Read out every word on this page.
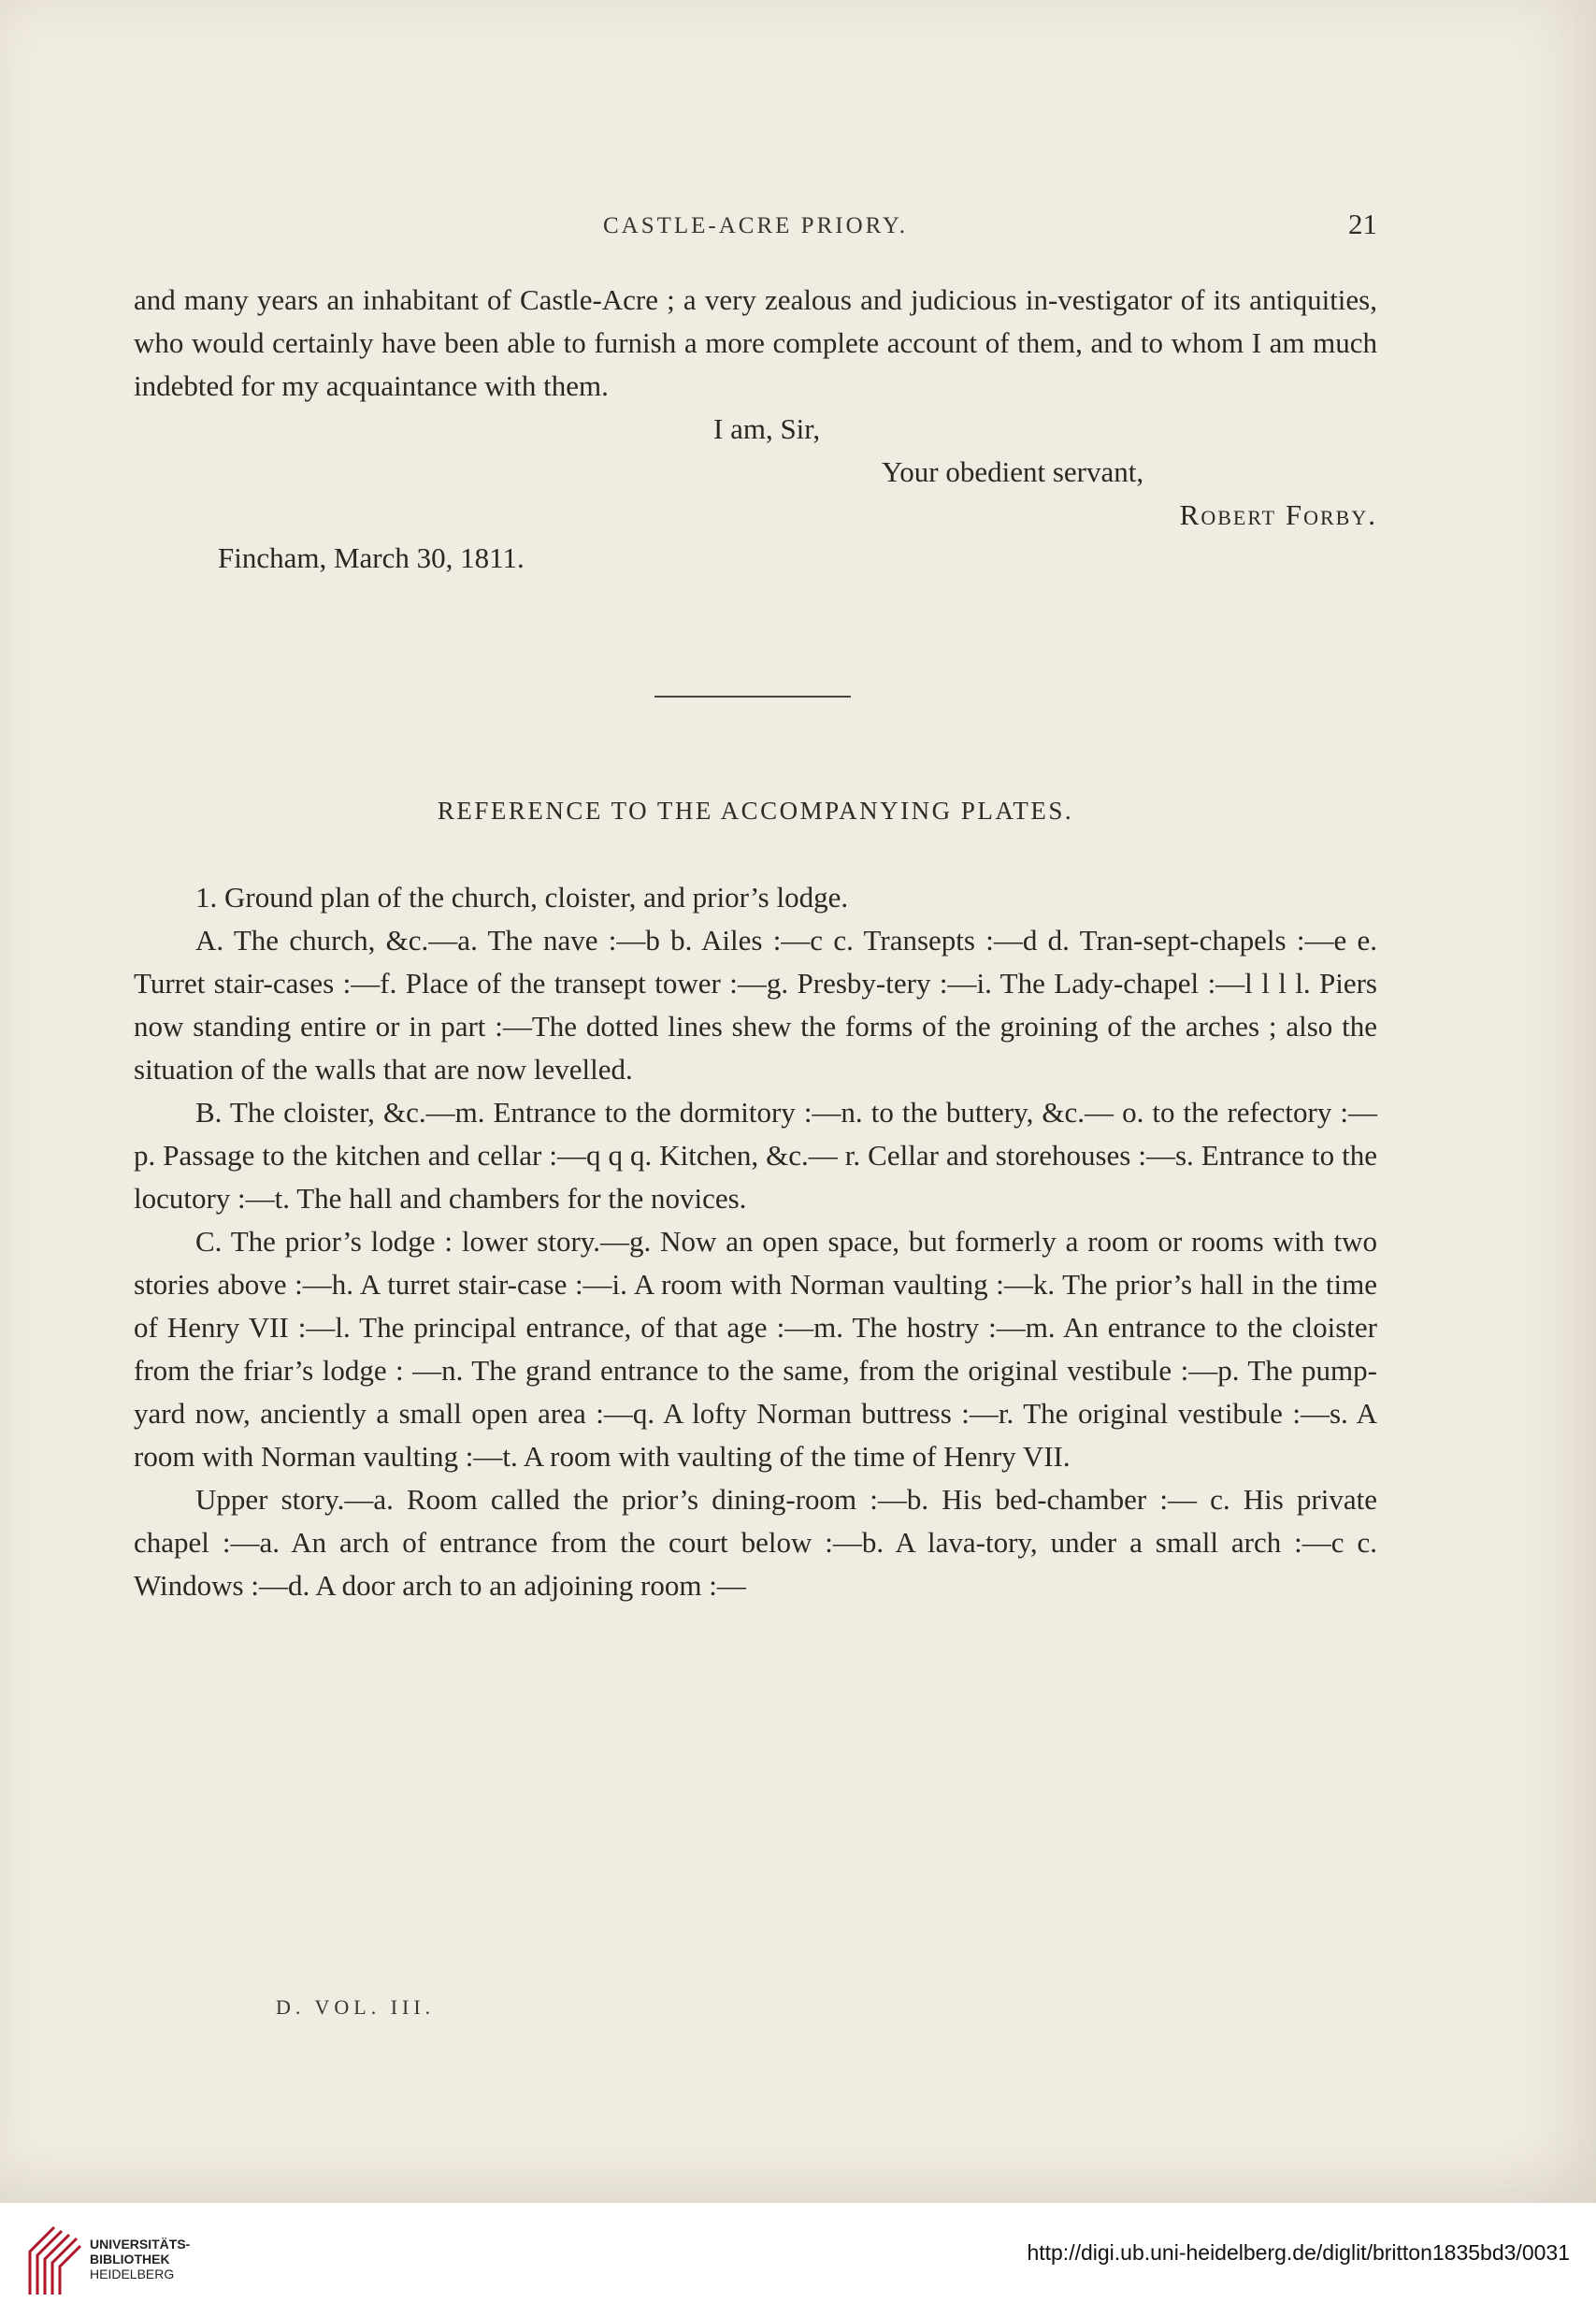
CASTLE-ACRE PRIORY.	21

and many years an inhabitant of Castle-Acre ; a very zealous and judicious in-vestigator of its antiquities, who would certainly have been able to furnish a more complete account of them, and to whom I am much indebted for my acquaintance with them.

I am, Sir,

Your obedient servant,

Robert Forby.

Fincham, March 30, 1811.

REFERENCE TO THE ACCOMPANYING PLATES.

1. Ground plan of the church, cloister, and prior’s lodge.

A. The church, &c.—a. The nave :—b b. Ailes :—c c. Transepts :—d d. Tran-sept-chapels :—e e. Turret stair-cases :—f. Place of the transept tower :—g. Presby-tery :—i. The Lady-chapel :—l l l l. Piers now standing entire or in part :—The dotted lines shew the forms of the groining of the arches ; also the situation of the walls that are now levelled.

B. The cloister, &c.—m. Entrance to the dormitory :—n. to the buttery, &c.— o. to the refectory :—p. Passage to the kitchen and cellar :—q q q. Kitchen, &c.— r. Cellar and storehouses :—s. Entrance to the locutory :—t. The hall and chambers for the novices.

C. The prior’s lodge : lower story.—g. Now an open space, but formerly a room or rooms with two stories above :—h. A turret stair-case :—i. A room with Norman vaulting :—k. The prior’s hall in the time of Henry VII :—l. The principal entrance, of that age :—m. The hostry :—m. An entrance to the cloister from the friar’s lodge : —n. The grand entrance to the same, from the original vestibule :—p. The pump-yard now, anciently a small open area :—q. A lofty Norman buttress :—r. The original vestibule :—s. A room with Norman vaulting :—t. A room with vaulting of the time of Henry VII.

Upper story.—a. Room called the prior’s dining-room :—b. His bed-chamber :— c. His private chapel :—a. An arch of entrance from the court below :—b. A lava-tory, under a small arch :—c c. Windows :—d. A door arch to an adjoining room :—

D. VOL. III.
UNIVERSITÄTS-
BIBLIOTHEK
HEIDELBERG
http://digi.ub.uni-heidelberg.de/diglit/britton1835bd3/0031
